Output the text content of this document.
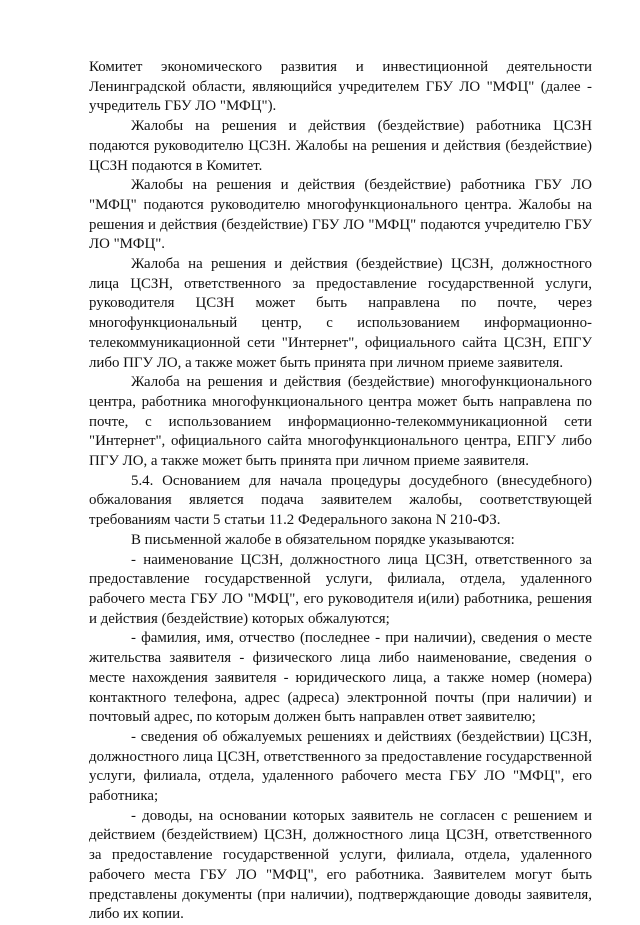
Комитет экономического развития и инвестиционной деятельности Ленинградской области, являющийся учредителем ГБУ ЛО "МФЦ" (далее - учредитель ГБУ ЛО "МФЦ").

Жалобы на решения и действия (бездействие) работника ЦСЗН подаются руководителю ЦСЗН. Жалобы на решения и действия (бездействие) ЦСЗН подаются в Комитет.

Жалобы на решения и действия (бездействие) работника ГБУ ЛО "МФЦ" подаются руководителю многофункционального центра. Жалобы на решения и действия (бездействие) ГБУ ЛО "МФЦ" подаются учредителю ГБУ ЛО "МФЦ".

Жалоба на решения и действия (бездействие) ЦСЗН, должностного лица ЦСЗН, ответственного за предоставление государственной услуги, руководителя ЦСЗН может быть направлена по почте, через многофункциональный центр, с использованием информационно-телекоммуникационной сети "Интернет", официального сайта ЦСЗН, ЕПГУ либо ПГУ ЛО, а также может быть принята при личном приеме заявителя.

Жалоба на решения и действия (бездействие) многофункционального центра, работника многофункционального центра может быть направлена по почте, с использованием информационно-телекоммуникационной сети "Интернет", официального сайта многофункционального центра, ЕПГУ либо ПГУ ЛО, а также может быть принята при личном приеме заявителя.

5.4. Основанием для начала процедуры досудебного (внесудебного) обжалования является подача заявителем жалобы, соответствующей требованиям части 5 статьи 11.2 Федерального закона N 210-ФЗ.

В письменной жалобе в обязательном порядке указываются:

- наименование ЦСЗН, должностного лица ЦСЗН, ответственного за предоставление государственной услуги, филиала, отдела, удаленного рабочего места ГБУ ЛО "МФЦ", его руководителя и(или) работника, решения и действия (бездействие) которых обжалуются;

- фамилия, имя, отчество (последнее - при наличии), сведения о месте жительства заявителя - физического лица либо наименование, сведения о месте нахождения заявителя - юридического лица, а также номер (номера) контактного телефона, адрес (адреса) электронной почты (при наличии) и почтовый адрес, по которым должен быть направлен ответ заявителю;

- сведения об обжалуемых решениях и действиях (бездействии) ЦСЗН, должностного лица ЦСЗН, ответственного за предоставление государственной услуги, филиала, отдела, удаленного рабочего места ГБУ ЛО "МФЦ", его работника;

- доводы, на основании которых заявитель не согласен с решением и действием (бездействием) ЦСЗН, должностного лица ЦСЗН, ответственного за предоставление государственной услуги, филиала, отдела, удаленного рабочего места ГБУ ЛО "МФЦ", его работника. Заявителем могут быть представлены документы (при наличии), подтверждающие доводы заявителя, либо их копии.
